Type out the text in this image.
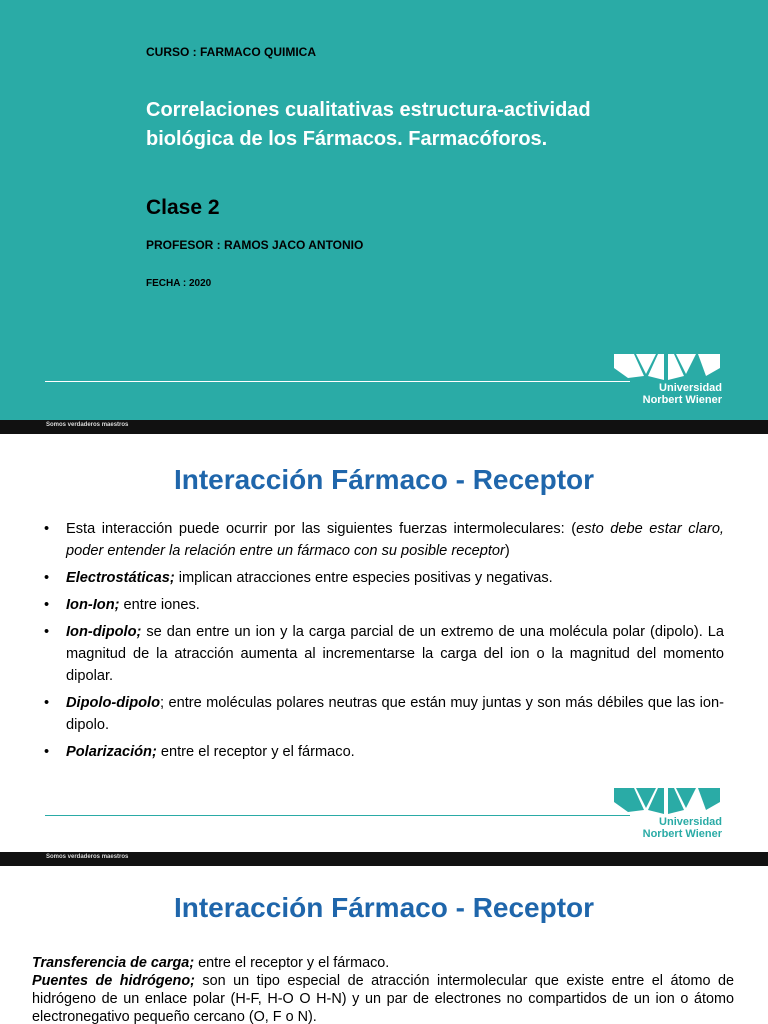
CURSO : FARMACO QUIMICA
Correlaciones cualitativas estructura-actividad
biológica de los Fármacos. Farmacóforos.
Clase 2
PROFESOR : RAMOS JACO ANTONIO
FECHA : 2020
Universidad
Norbert Wiener
Somos verdaderos maestros
Interacción Fármaco - Receptor
• Esta interacción puede ocurrir por las siguientes fuerzas intermoleculares: (esto debe estar claro, poder entender la relación entre un fármaco con su posible receptor)
• Electrostáticas; implican atracciones entre especies positivas y negativas.
• Ion-Ion; entre iones.
• Ion-dipolo; se dan entre un ion y la carga parcial de un extremo de una molécula polar (dipolo). La magnitud de la atracción aumenta al incrementarse la carga del ion o la magnitud del momento dipolar.
• Dipolo-dipolo; entre moléculas polares neutras que están muy juntas y son más débiles que las ion-dipolo.
• Polarización; entre el receptor y el fármaco.
Universidad
Norbert Wiener
Somos verdaderos maestros
Interacción Fármaco - Receptor
Transferencia de carga; entre el receptor y el fármaco.
Puentes de hidrógeno; son un tipo especial de atracción intermolecular que existe entre el átomo de hidrógeno de un enlace polar (H-F, H-O O H-N) y un par de electrones no compartidos de un ion o átomo electronegativo pequeño cercano (O, F o N).
